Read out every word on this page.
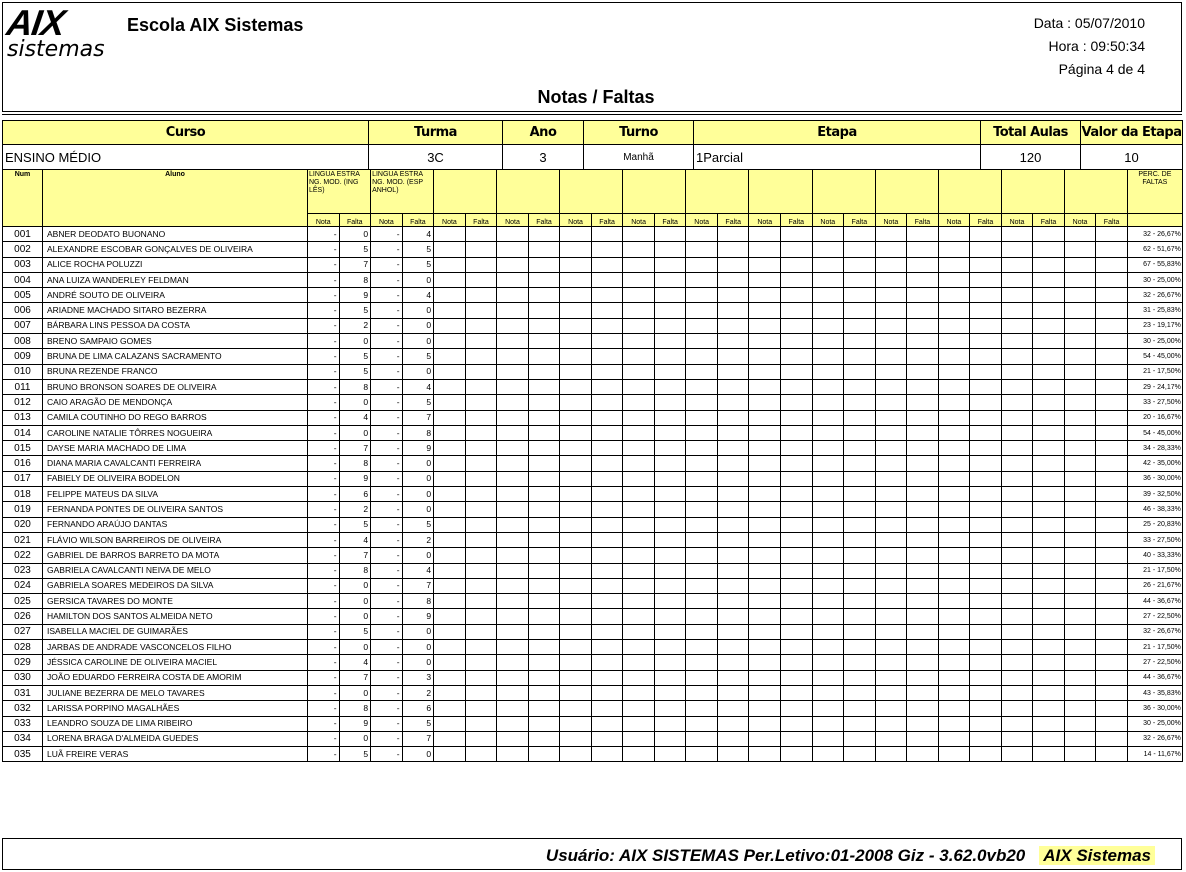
AIX
sistemas
Escola AIX Sistemas	Data : 05/07/2010
Hora : 09:50:34
Página 4 de 4
Notas / Faltas
Curso	Turma	Ano	Turno	Etapa	Total Aulas	Valor da Etapa
ENSINO MÉDIO	3C	3	Manhã	1Parcial	120	10
Num	Aluno	LINGUA ESTRA NG. MOD. (ING LÊS)		LINGUA ESTRA NG. MOD. (ESP ANHOL)																								PERC. DE FALTAS
		Nota	Falta	Nota	Falta	Nota	Falta	Nota	Falta	Nota	Falta	Nota	Falta	Nota	Falta	Nota	Falta	Nota	Falta	Nota	Falta	Nota	Falta	Nota	Falta	Nota	Falta	
001	ABNER DEODATO BUONANO	-	0	-	4																							32 - 26,67%
002	ALEXANDRE ESCOBAR GONÇALVES DE OLIVEIRA	-	5	-	5																							62 - 51,67%
003	ALICE ROCHA POLUZZI	-	7	-	5																							67 - 55,83%
004	ANA LUIZA WANDERLEY FELDMAN	-	8	-	0																							30 - 25,00%
005	ANDRÉ SOUTO DE OLIVEIRA	-	9	-	4																							32 - 26,67%
006	ARIADNE MACHADO SITARO BEZERRA	-	5	-	0																							31 - 25,83%
007	BÁRBARA LINS PESSOA DA COSTA	-	2	-	0																							23 - 19,17%
008	BRENO SAMPAIO GOMES	-	0	-	0																							30 - 25,00%
009	BRUNA DE LIMA CALAZANS SACRAMENTO	-	5	-	5																							54 - 45,00%
010	BRUNA REZENDE FRANCO	-	5	-	0																							21 - 17,50%
011	BRUNO BRONSON SOARES DE OLIVEIRA	-	8	-	4																							29 - 24,17%
012	CAIO ARAGÃO DE MENDONÇA	-	0	-	5																							33 - 27,50%
013	CAMILA COUTINHO DO REGO BARROS	-	4	-	7																							20 - 16,67%
014	CAROLINE NATALIE TÔRRES NOGUEIRA	-	0	-	8																							54 - 45,00%
015	DAYSE MARIA MACHADO DE LIMA	-	7	-	9																							34 - 28,33%
016	DIANA MARIA CAVALCANTI FERREIRA	-	8	-	0																							42 - 35,00%
017	FABIELY DE OLIVEIRA BODELON	-	9	-	0																							36 - 30,00%
018	FELIPPE MATEUS DA SILVA	-	6	-	0																							39 - 32,50%
019	FERNANDA PONTES DE OLIVEIRA SANTOS	-	2	-	0																							46 - 38,33%
020	FERNANDO ARAÚJO DANTAS	-	5	-	5																							25 - 20,83%
021	FLÁVIO WILSON BARREIROS DE OLIVEIRA	-	4	-	2																							33 - 27,50%
022	GABRIEL DE BARROS BARRETO DA MOTA	-	7	-	0																							40 - 33,33%
023	GABRIELA CAVALCANTI NEIVA DE MELO	-	8	-	4																							21 - 17,50%
024	GABRIELA SOARES MEDEIROS DA SILVA	-	0	-	7																							26 - 21,67%
025	GERSICA TAVARES DO MONTE	-	0	-	8																							44 - 36,67%
026	HAMILTON DOS SANTOS ALMEIDA NETO	-	0	-	9																							27 - 22,50%
027	ISABELLA MACIEL DE GUIMARÃES	-	5	-	0																							32 - 26,67%
028	JARBAS DE ANDRADE VASCONCELOS FILHO	-	0	-	0																							21 - 17,50%
029	JÉSSICA CAROLINE DE OLIVEIRA MACIEL	-	4	-	0																							27 - 22,50%
030	JOÃO EDUARDO FERREIRA COSTA DE AMORIM	-	7	-	3																							44 - 36,67%
031	JULIANE BEZERRA DE MELO TAVARES	-	0	-	2																							43 - 35,83%
032	LARISSA PORPINO MAGALHÃES	-	8	-	6																							36 - 30,00%
033	LEANDRO SOUZA DE LIMA RIBEIRO	-	9	-	5																							30 - 25,00%
034	LORENA BRAGA D'ALMEIDA GUEDES	-	0	-	7																							32 - 26,67%
035	LUÃ FREIRE VERAS	-	5	-	0																							14 - 11,67%
Usuário: AIX SISTEMAS Per.Letivo:01-2008 Giz - 3.62.0vb20 AIX Sistemas
